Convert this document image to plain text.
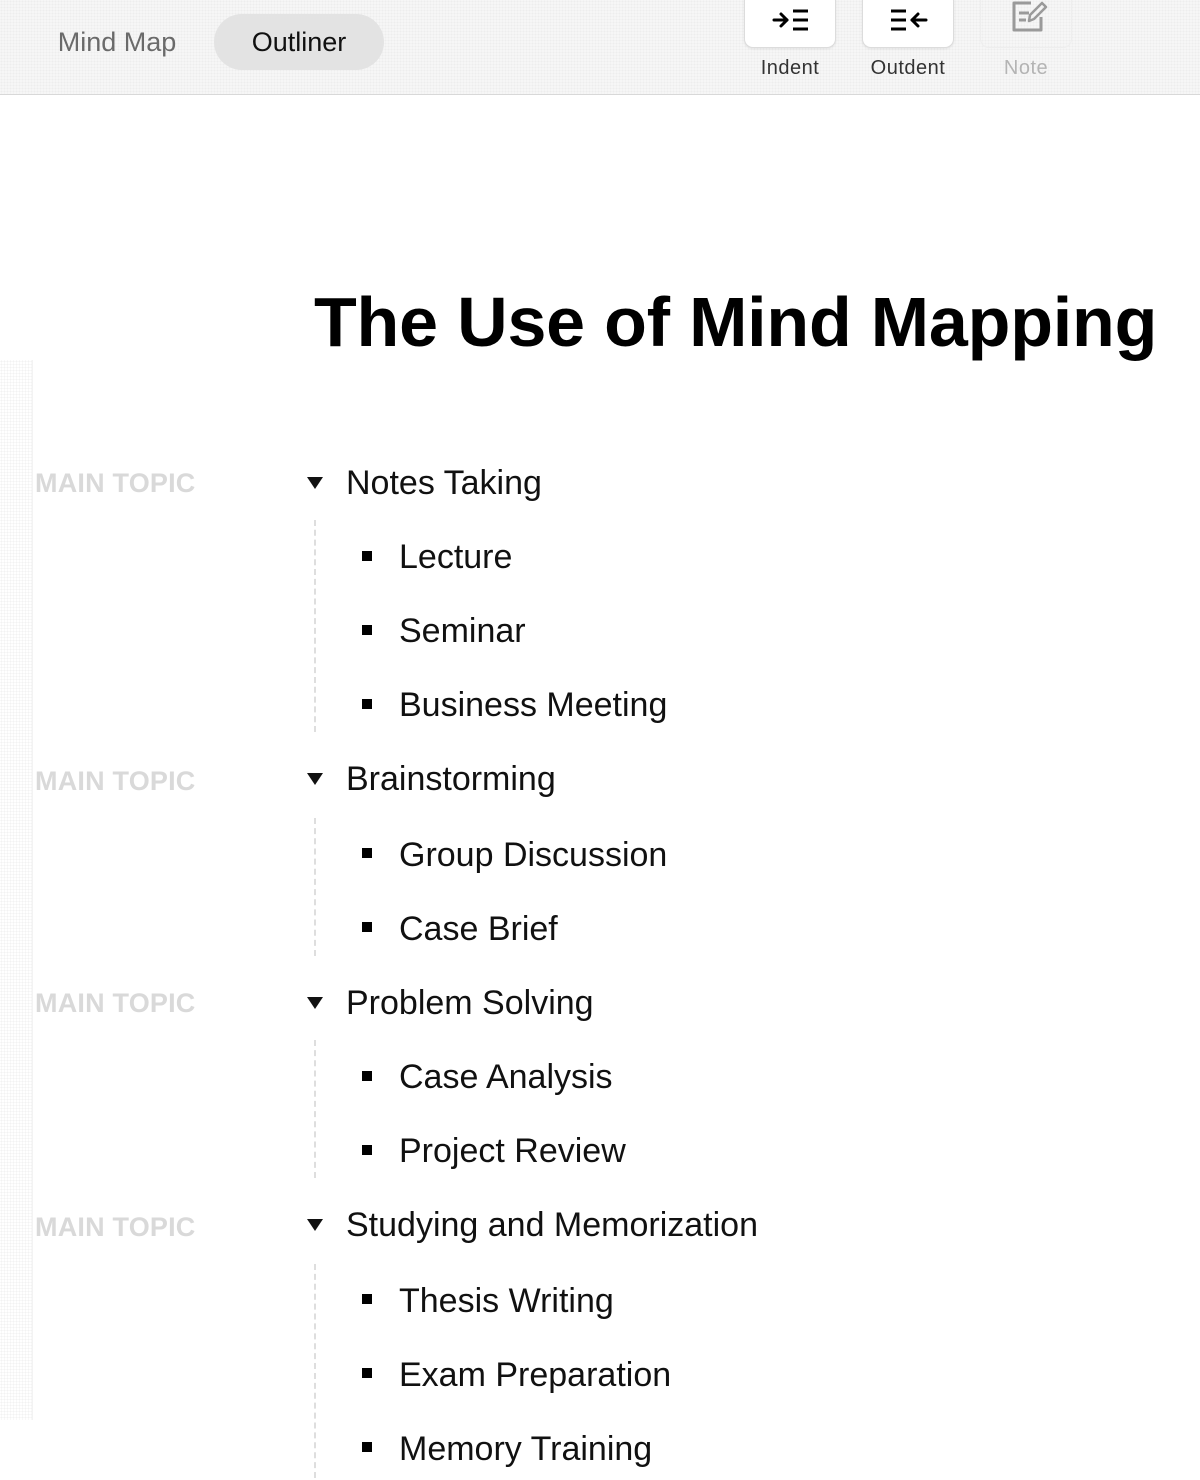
Mind Map	Outliner
Indent	Outdent	Note
The Use of Mind Mapping
MAIN TOPIC	Notes Taking
Lecture
Seminar
Business Meeting
MAIN TOPIC	Brainstorming
Group Discussion
Case Brief
MAIN TOPIC	Problem Solving
Case Analysis
Project Review
MAIN TOPIC	Studying and Memorization
Thesis Writing
Exam Preparation
Memory Training
